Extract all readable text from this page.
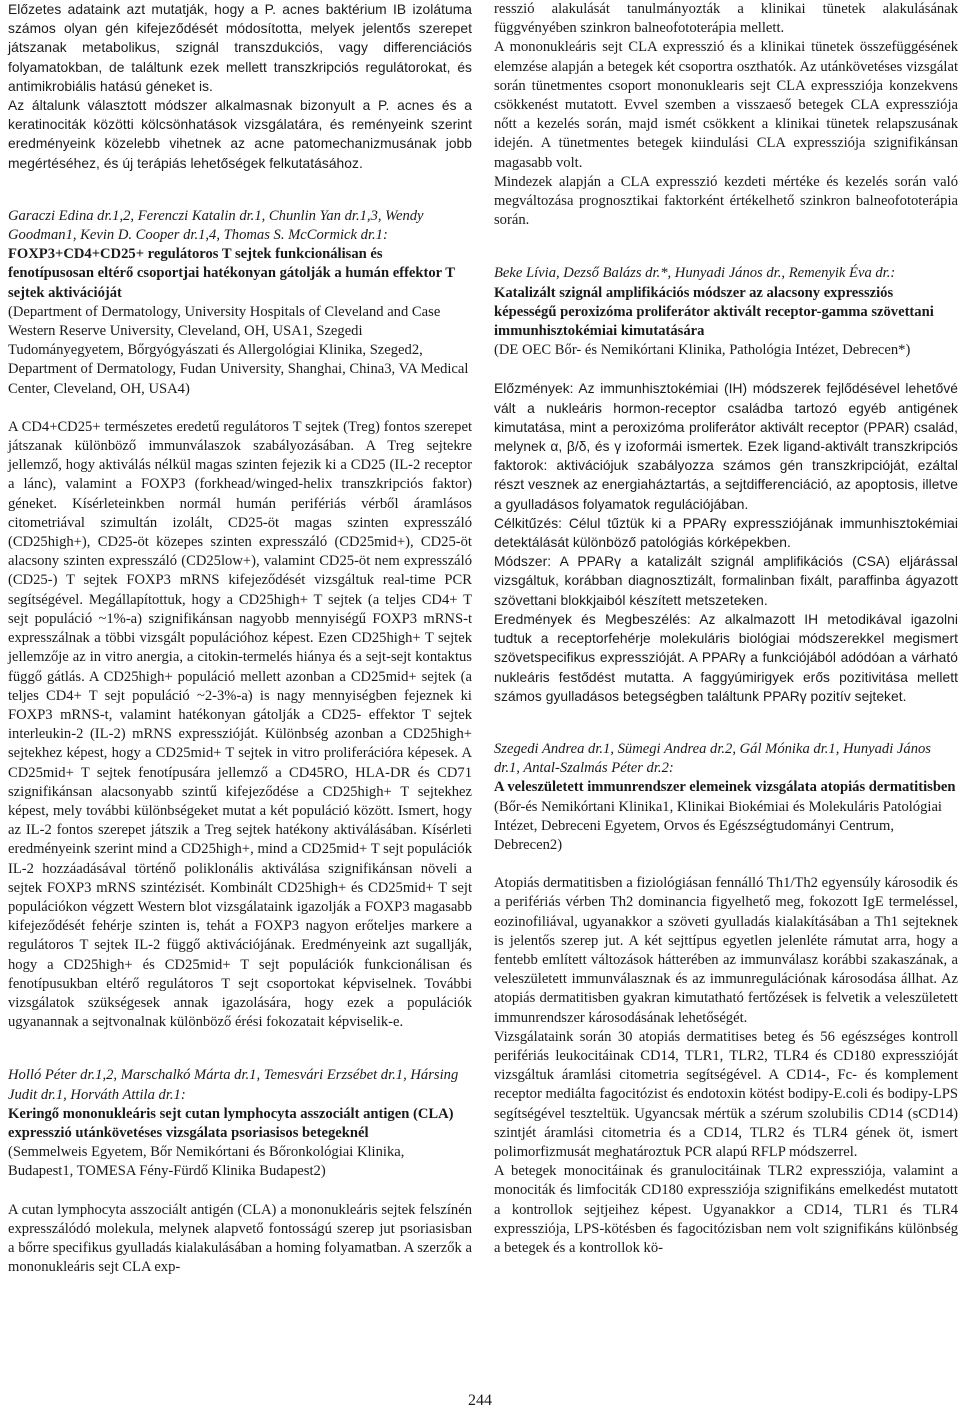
Előzetes adataink azt mutatják, hogy a P. acnes baktérium IB izolátuma számos olyan gén kifejeződését módosította, melyek jelentős szerepet játszanak metabolikus, szignál transzdukciós, vagy differenciációs folyamatokban, de találtunk ezek mellett transzkripciós regulátorokat, és antimikrobiális hatású géneket is.

Az általunk választott módszer alkalmasnak bizonyult a P. acnes és a keratinociták közötti kölcsönhatások vizsgálatára, és reményeink szerint eredményeink közelebb vihetnek az acne patomechanizmusának jobb megértéséhez, és új terápiás lehetőségek felkutatásához.

Garaczi Edina dr.1,2, Ferenczi Katalin dr.1, Chunlin Yan dr.1,3, Wendy Goodman1, Kevin D. Cooper dr.1,4, Thomas S. McCormick dr.1:

FOXP3+CD4+CD25+ regulátoros T sejtek funkcionálisan és fenotípusosan eltérő csoportjai hatékonyan gátolják a humán effektor T sejtek aktivációját

(Department of Dermatology, University Hospitals of Cleveland and Case Western Reserve University, Cleveland, OH, USA1, Szegedi Tudományegyetem, Bőrgyógyászati és Allergológiai Klinika, Szeged2, Department of Dermatology, Fudan University, Shanghai, China3, VA Medical Center, Cleveland, OH, USA4)

A CD4+CD25+ természetes eredetű regulátoros T sejtek (Treg) fontos szerepet játszanak különböző immunválaszok szabályozásában. A Treg sejtekre jellemző, hogy aktiválás nélkül magas szinten fejezik ki a CD25 (IL-2 receptor a lánc), valamint a FOXP3 (forkhead/winged-helix transzkripciós faktor) géneket. Kísérleteinkben normál humán perifériás vérből áramlásos citometriával szimultán izolált, CD25-öt magas szinten expresszáló (CD25high+), CD25-öt közepes szinten expresszáló (CD25mid+), CD25-öt alacsony szinten expresszáló (CD25low+), valamint CD25-öt nem expresszáló (CD25-) T sejtek FOXP3 mRNS kifejeződését vizsgáltuk real-time PCR segítségével. Megállapítottuk, hogy a CD25high+ T sejtek (a teljes CD4+ T sejt populáció ~1%-a) szignifikánsan nagyobb mennyiségű FOXP3 mRNS-t expresszálnak a többi vizsgált populációhoz képest. Ezen CD25high+ T sejtek jellemzője az in vitro anergia, a citokin-termelés hiánya és a sejt-sejt kontaktus függő gátlás. A CD25high+ populáció mellett azonban a CD25mid+ sejtek (a teljes CD4+ T sejt populáció ~2-3%-a) is nagy mennyiségben fejeznek ki FOXP3 mRNS-t, valamint hatékonyan gátolják a CD25- effektor T sejtek interleukin-2 (IL-2) mRNS expresszióját. Különbség azonban a CD25high+ sejtekhez képest, hogy a CD25mid+ T sejtek in vitro proliferációra képesek. A CD25mid+ T sejtek fenotípusára jellemző a CD45RO, HLA-DR és CD71 szignifikánsan alacsonyabb szintű kifejeződése a CD25high+ T sejtekhez képest, mely további különbségeket mutat a két populáció között. Ismert, hogy az IL-2 fontos szerepet játszik a Treg sejtek hatékony aktiválásában. Kísérleti eredményeink szerint mind a CD25high+, mind a CD25mid+ T sejt populációk IL-2 hozzáadásával történő poliklonális aktiválása szignifikánsan növeli a sejtek FOXP3 mRNS szintézisét. Kombinált CD25high+ és CD25mid+ T sejt populációkon végzett Western blot vizsgálataink igazolják a FOXP3 magasabb kifejeződését fehérje szinten is, tehát a FOXP3 nagyon erőteljes markere a regulátoros T sejtek IL-2 függő aktivációjának. Eredményeink azt sugallják, hogy a CD25high+ és CD25mid+ T sejt populációk funkcionálisan és fenotípusukban eltérő regulátoros T sejt csoportokat képviselnek. További vizsgálatok szükségesek annak igazolására, hogy ezek a populációk ugyanannak a sejtvonalnak különböző érési fokozatait képviselik-e.

Holló Péter dr.1,2, Marschalkó Márta dr.1, Temesvári Erzsébet dr.1, Hársing Judit dr.1, Horváth Attila dr.1:

Keringő mononukleáris sejt cutan lymphocyta asszociált antigen (CLA) expresszió utánkövetéses vizsgálata psoriasisos betegeknél

(Semmelweis Egyetem, Bőr Nemikórtani és Bőronkológiai Klinika, Budapest1, TOMESA Fény-Fürdő Klinika Budapest2)

A cutan lymphocyta asszociált antigén (CLA) a mononukleáris sejtek felszínén expresszálódó molekula, melynek alapvető fontosságú szerep jut psoriasisban a bőrre specifikus gyulladás kialakulásában a homing folyamatban. A szerzők a mononukleáris sejt CLA exp-

resszió alakulását tanulmányozták a klinikai tünetek alakulásának függvényében szinkron balneofototerápia mellett.

A mononukleáris sejt CLA expresszió és a klinikai tünetek összefüggésének elemzése alapján a betegek két csoportra oszthatók. Az utánkövetéses vizsgálat során tünetmentes csoport mononuklearis sejt CLA expressziója konzekvens csökkenést mutatott. Evvel szemben a visszaeső betegek CLA expressziója nőtt a kezelés során, majd ismét csökkent a klinikai tünetek relapszusának idején. A tünetmentes betegek kiindulási CLA expressziója szignifikánsan magasabb volt.

Mindezek alapján a CLA expresszió kezdeti mértéke és kezelés során való megváltozása prognosztikai faktorként értékelhető szinkron balneofototerápia során.

Beke Lívia, Dezső Balázs dr.*, Hunyadi János dr., Remenyik Éva dr.:

Katalizált szignál amplifikációs módszer az alacsony expressziós képességű peroxizóma proliferátor aktivált receptor-gamma szövettani immunhisztokémiai kimutatására

(DE OEC Bőr- és Nemikórtani Klinika, Pathológia Intézet, Debrecen*)

Előzmények: Az immunhisztokémiai (IH) módszerek fejlődésével lehetővé vált a nukleáris hormon-receptor családba tartozó egyéb antigének kimutatása, mint a peroxizóma proliferátor aktivált receptor (PPAR) család, melynek α, β/δ, és γ izoformái ismertek. Ezek ligand-aktivált transzkripciós faktorok: aktivációjuk szabályozza számos gén transzkripcióját, ezáltal részt vesznek az energiaháztartás, a sejtdifferenciáció, az apoptosis, illetve a gyulladásos folyamatok regulációjában.

Célkitűzés: Célul tűztük ki a PPARγ expressziójának immunhisztokémiai detektálását különböző patológiás kórképekben.

Módszer: A PPARγ a katalizált szignál amplifikációs (CSA) eljárással vizsgáltuk, korábban diagnosztizált, formalinban fixált, paraffinba ágyazott szövettani blokkjaiból készített metszeteken.

Eredmények és Megbeszélés: Az alkalmazott IH metodikával igazolni tudtuk a receptorfehérje molekuláris biológiai módszerekkel megismert szövetspecifikus expresszióját. A PPARγ a funkciójából adódóan a várható nukleáris festődést mutatta. A faggyúmirigyek erős pozitivitása mellett számos gyulladásos betegségben találtunk PPARγ pozitív sejteket.

Szegedi Andrea dr.1, Sümegi Andrea dr.2, Gál Mónika dr.1, Hunyadi János dr.1, Antal-Szalmás Péter dr.2:

A veleszületett immunrendszer elemeinek vizsgálata atopiás dermatitisben

(Bőr-és Nemikórtani Klinika1, Klinikai Biokémiai és Molekuláris Patológiai Intézet, Debreceni Egyetem, Orvos és Egészségtudományi Centrum, Debrecen2)

Atopiás dermatitisben a fiziológiásan fennálló Th1/Th2 egyensúly károsodik és a perifériás vérben Th2 dominancia figyelhető meg, fokozott IgE termeléssel, eozinofiliával, ugyanakkor a szöveti gyulladás kialakításában a Th1 sejteknek is jelentős szerep jut. A két sejttípus egyetlen jelenléte rámutat arra, hogy a fentebb említett változások hátterében az immunválasz korábbi szakaszának, a veleszületett immunválasznak és az immunregulációnak károsodása állhat. Az atopiás dermatitisben gyakran kimutatható fertőzések is felvetik a veleszületett immunrendszer károsodásának lehetőségét.

Vizsgálataink során 30 atopiás dermatitises beteg és 56 egészséges kontroll perifériás leukocitáinak CD14, TLR1, TLR2, TLR4 és CD180 expresszióját vizsgáltuk áramlási citometria segítségével. A CD14-, Fc- és komplement receptor mediálta fagocitózist és endotoxin kötést bodipy-E.coli és bodipy-LPS segítségével teszteltük. Ugyancsak mértük a szérum szolubilis CD14 (sCD14) szintjét áramlási citometria és a CD14, TLR2 és TLR4 gének öt, ismert polimorfizmusát meghatároztuk PCR alapú RFLP módszerrel.

A betegek monocitáinak és granulocitáinak TLR2 expressziója, valamint a monociták és limfociták CD180 expressziója szignifikáns emelkedést mutatott a kontrollok sejtjeihez képest. Ugyanakkor a CD14, TLR1 és TLR4 expressziója, LPS-kötésben és fagocitózisban nem volt szignifikáns különbség a betegek és a kontrollok kö-

244
